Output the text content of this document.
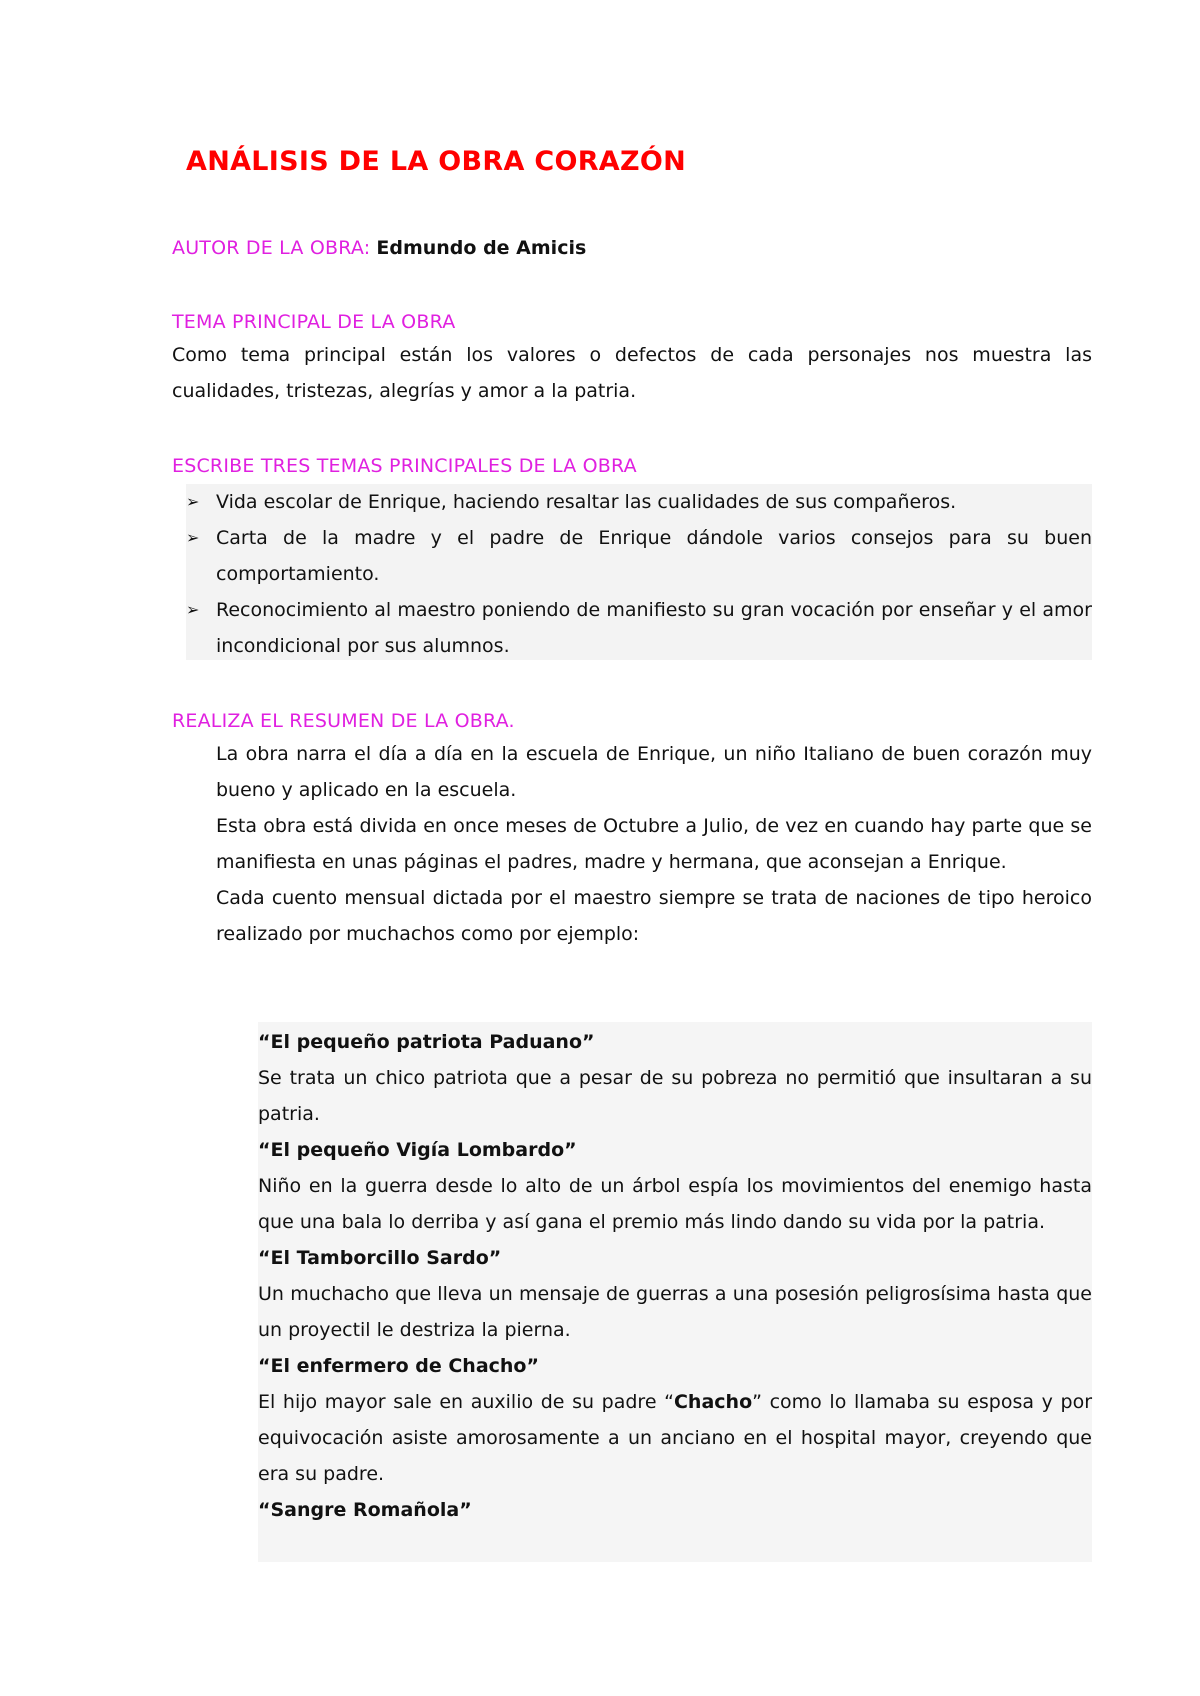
ANÁLISIS DE LA OBRA CORAZÓN
AUTOR DE LA OBRA: Edmundo de Amicis
TEMA PRINCIPAL DE LA OBRA

Como tema principal están los valores o defectos de cada personajes nos muestra las cualidades, tristezas, alegrías y amor a la patria.

ESCRIBE TRES TEMAS PRINCIPALES DE LA OBRA
➢ Vida escolar de Enrique, haciendo resaltar las cualidades de sus compañeros.
➢ Carta de la madre y el padre de Enrique dándole varios consejos para su buen comportamiento.
➢ Reconocimiento al maestro poniendo de manifiesto su gran vocación por enseñar y el amor incondicional por sus alumnos.
REALIZA EL RESUMEN DE LA OBRA.

La obra narra el día a día en la escuela de Enrique, un niño Italiano de buen corazón muy bueno y aplicado en la escuela.

Esta obra está divida en once meses de Octubre a Julio, de vez en cuando hay parte que se manifiesta en unas páginas el padres, madre y hermana, que aconsejan a Enrique.

Cada cuento mensual dictada por el maestro siempre se trata de naciones de tipo heroico realizado por muchachos como por ejemplo:

“El pequeño patriota Paduano”

Se trata un chico patriota que a pesar de su pobreza no permitió que insultaran a su patria.

“El pequeño Vigía Lombardo”

Niño en la guerra desde lo alto de un árbol espía los movimientos del enemigo hasta que una bala lo derriba y así gana el premio más lindo dando su vida por la patria.

“El Tamborcillo Sardo”

Un muchacho que lleva un mensaje de guerras a una posesión peligrosísima hasta que un proyectil le destriza la pierna.

“El enfermero de Chacho”

El hijo mayor sale en auxilio de su padre “Chacho” como lo llamaba su esposa y por equivocación asiste amorosamente a un anciano en el hospital mayor, creyendo que era su padre.

“Sangre Romañola”
